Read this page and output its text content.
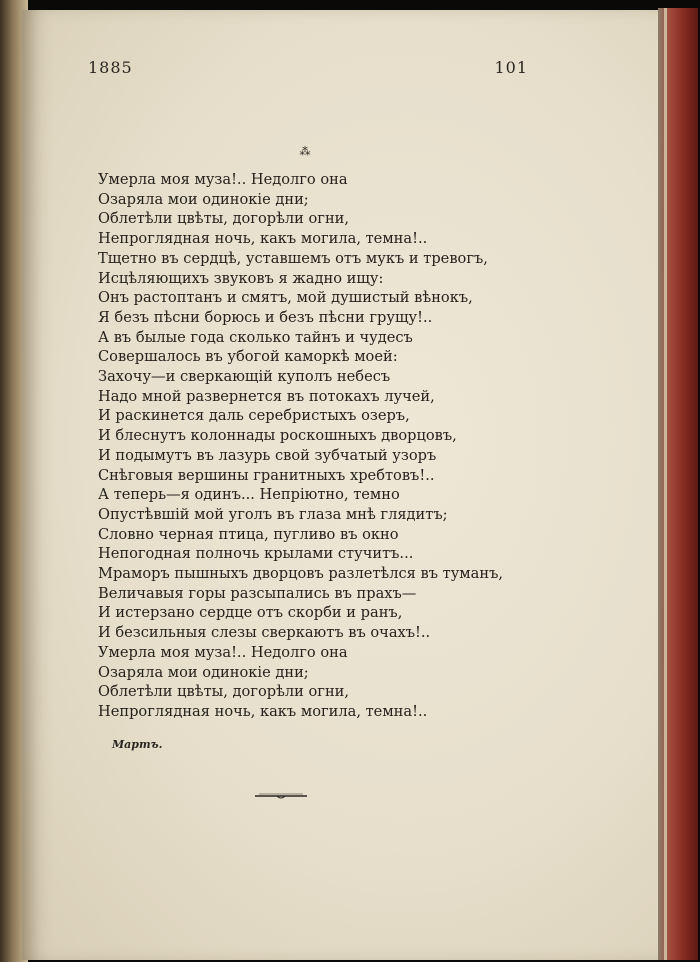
1885	101
⁂
Умерла моя муза!.. Недолго она
Озаряла мои одинокіе дни;
Облетѣли цвѣты, догорѣли огни,
Непроглядная ночь, какъ могила, темна!..
Тщетно въ сердцѣ, уставшемъ отъ мукъ и тревогъ,
Исцѣляющихъ звуковъ я жадно ищу:
Онъ растоптанъ и смятъ, мой душистый вѣнокъ,
Я безъ пѣсни борюсь и безъ пѣсни грущу!..
А въ былые года сколько тайнъ и чудесъ
Совершалось въ убогой каморкѣ моей:
Захочу—и сверкающій куполъ небесъ
Надо мной развернется въ потокахъ лучей,
И раскинется даль серебристыхъ озеръ,
И блеснутъ колоннады роскошныхъ дворцовъ,
И подымутъ въ лазурь свой зубчатый узоръ
Снѣговыя вершины гранитныхъ хребтовъ!..
А теперь—я одинъ... Непріютно, темно
Опустѣвшій мой уголъ въ глаза мнѣ глядитъ;
Словно черная птица, пугливо въ окно
Непогодная полночь крылами стучитъ...
Мраморъ пышныхъ дворцовъ разлетѣлся въ туманъ,
Величавыя горы разсыпались въ прахъ—
И истерзано сердце отъ скорби и ранъ,
И безсильныя слезы сверкаютъ въ очахъ!..
Умерла моя муза!.. Недолго она
Озаряла мои одинокіе дни;
Облетѣли цвѣты, догорѣли огни,
Непроглядная ночь, какъ могила, темна!..
Мартъ.
